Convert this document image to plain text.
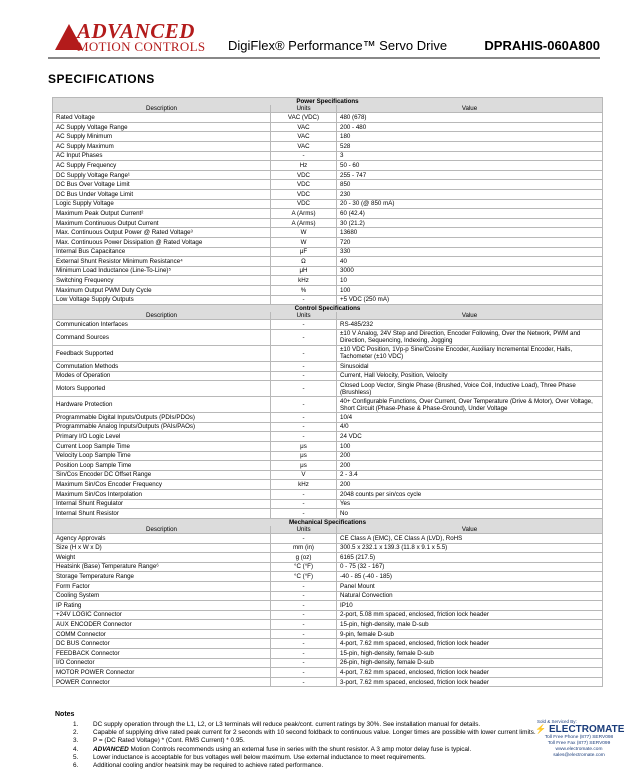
ADVANCED
MOTION CONTROLS DigiFlex® Performance™ Servo Drive	DPRAHIS-060A800
SPECIFICATIONS
Power Specifications		
Description	Units	Value
Rated Voltage	VAC (VDC)	480 (678)
AC Supply Voltage Range	VAC	200 - 480
AC Supply Minimum	VAC	180
AC Supply Maximum	VAC	528
AC Input Phases	-	3
AC Supply Frequency	Hz	50 - 60
DC Supply Voltage Range¹	VDC	255 - 747
DC Bus Over Voltage Limit	VDC	850
DC Bus Under Voltage Limit	VDC	230
Logic Supply Voltage	VDC	20 - 30 (@ 850 mA)
Maximum Peak Output Current²	A (Arms)	60 (42.4)
Maximum Continuous Output Current	A (Arms)	30 (21.2)
Max. Continuous Output Power @ Rated Voltage³	W	13680
Max. Continuous Power Dissipation @ Rated Voltage	W	720
Internal Bus Capacitance	μF	330
External Shunt Resistor Minimum Resistance⁴	Ω	40
Minimum Load Inductance (Line-To-Line)⁵	μH	3000
Switching Frequency	kHz	10
Maximum Output PWM Duty Cycle	%	100
Low Voltage Supply Outputs	-	+5 VDC (250 mA)
Control Specifications		
Description	Units	Value
Communication Interfaces	-	RS-485/232
Command Sources	-	±10 V Analog, 24V Step and Direction, Encoder Following, Over the Network, PWM and Direction, Sequencing, Indexing, Jogging
Feedback Supported	-	±10 VDC Position, 1Vp-p Sine/Cosine Encoder, Auxiliary Incremental Encoder, Halls, Tachometer (±10 VDC)
Commutation Methods	-	Sinusoidal
Modes of Operation	-	Current, Hall Velocity, Position, Velocity
Motors Supported	-	Closed Loop Vector, Single Phase (Brushed, Voice Coil, Inductive Load), Three Phase (Brushless)
Hardware Protection	-	40+ Configurable Functions, Over Current, Over Temperature (Drive & Motor), Over Voltage, Short Circuit (Phase-Phase & Phase-Ground), Under Voltage
Programmable Digital Inputs/Outputs (PDIs/PDOs)	-	10/4
Programmable Analog Inputs/Outputs (PAIs/PAOs)	-	4/0
Primary I/O Logic Level	-	24 VDC
Current Loop Sample Time	μs	100
Velocity Loop Sample Time	μs	200
Position Loop Sample Time	μs	200
Sin/Cos Encoder DC Offset Range	V	2 - 3.4
Maximum Sin/Cos Encoder Frequency	kHz	200
Maximum Sin/Cos Interpolation	-	2048 counts per sin/cos cycle
Internal Shunt Regulator	-	Yes
Internal Shunt Resistor	-	No
Mechanical Specifications		
Description	Units	Value
Agency Approvals	-	CE Class A (EMC), CE Class A (LVD), RoHS
Size (H x W x D)	mm (in)	300.5 x 232.1 x 139.3 (11.8 x 9.1 x 5.5)
Weight	g (oz)	6165 (217.5)
Heatsink (Base) Temperature Range⁶	°C (°F)	0 - 75 (32 - 167)
Storage Temperature Range	°C (°F)	-40 - 85 (-40 - 185)
Form Factor	-	Panel Mount
Cooling System	-	Natural Convection
IP Rating	-	IP10
+24V LOGIC Connector	-	2-port, 5.08 mm spaced, enclosed, friction lock header
AUX ENCODER Connector	-	15-pin, high-density, male D-sub
COMM Connector	-	9-pin, female D-sub
DC BUS Connector	-	4-port, 7.62 mm spaced, enclosed, friction lock header
FEEDBACK Connector	-	15-pin, high-density, female D-sub
I/O Connector	-	26-pin, high-density, female D-sub
MOTOR POWER Connector	-	4-port, 7.62 mm spaced, enclosed, friction lock header
POWER Connector	-	3-port, 7.62 mm spaced, enclosed, friction lock header
Notes
1. DC supply operation through the L1, L2, or L3 terminals will reduce peak/cont. current ratings by 30%. See installation manual for details.
2. Capable of supplying drive rated peak current for 2 seconds with 10 second foldback to continuous value. Longer times are possible with lower current limits.
3. P = (DC Rated Voltage) * (Cont. RMS Current) * 0.95.
4. ADVANCED Motion Controls recommends using an external fuse in series with the shunt resistor. A 3 amp motor delay fuse is typical.
5. Lower inductance is acceptable for bus voltages well below maximum. Use external inductance to meet requirements.
6. Additional cooling and/or heatsink may be required to achieve rated performance.
Sold & Serviced By:
⚡ ELECTROMATE
Toll Free Phone (877) SERV098
Toll Free Fax (877) SERV099
www.electromate.com
sales@electromate.com
